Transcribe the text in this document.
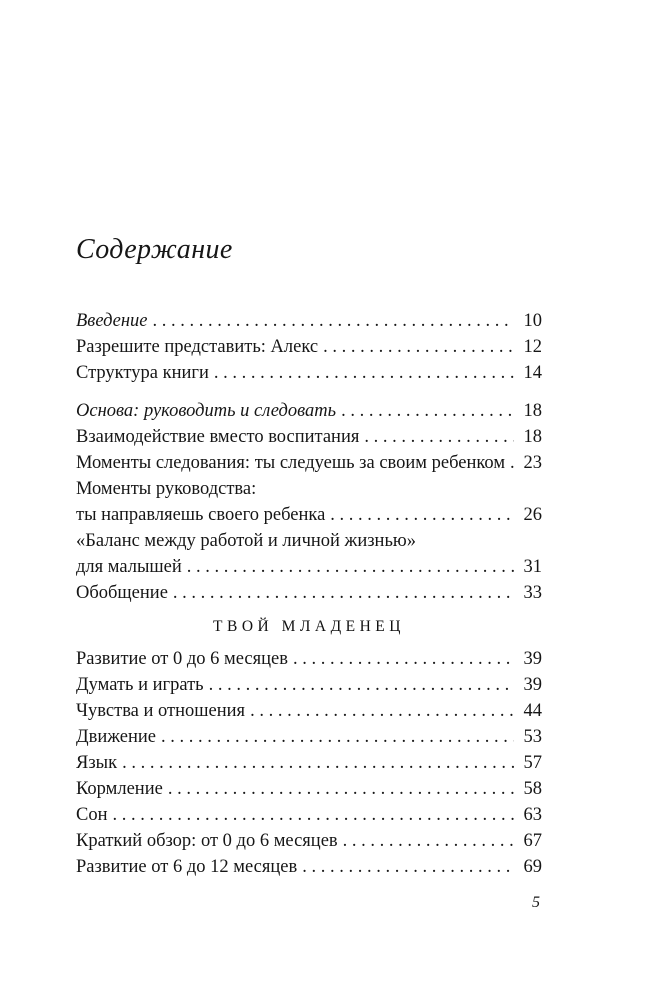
Содержание
Введение . . .	10
Разрешите представить: Алекс . . .	12
Структура книги . . .	14
Основа: руководить и следовать . . .	18
Взаимодействие вместо воспитания . . .	18
Моменты следования: ты следуешь за своим ребенком . . . 23
Моменты руководства:
ты направляешь своего ребенка . . .	26
«Баланс между работой и личной жизнью»
для малышей . . .	31
Обобщение . . .	33
ТВОЙ МЛАДЕНЕЦ
Развитие от 0 до 6 месяцев . . .	39
Думать и играть . . .	39
Чувства и отношения . . .	44
Движение . . .	53
Язык . . .	57
Кормление . . .	58
Сон . . .	63
Краткий обзор: от 0 до 6 месяцев . . .	67
Развитие от 6 до 12 месяцев . . .	69
5
